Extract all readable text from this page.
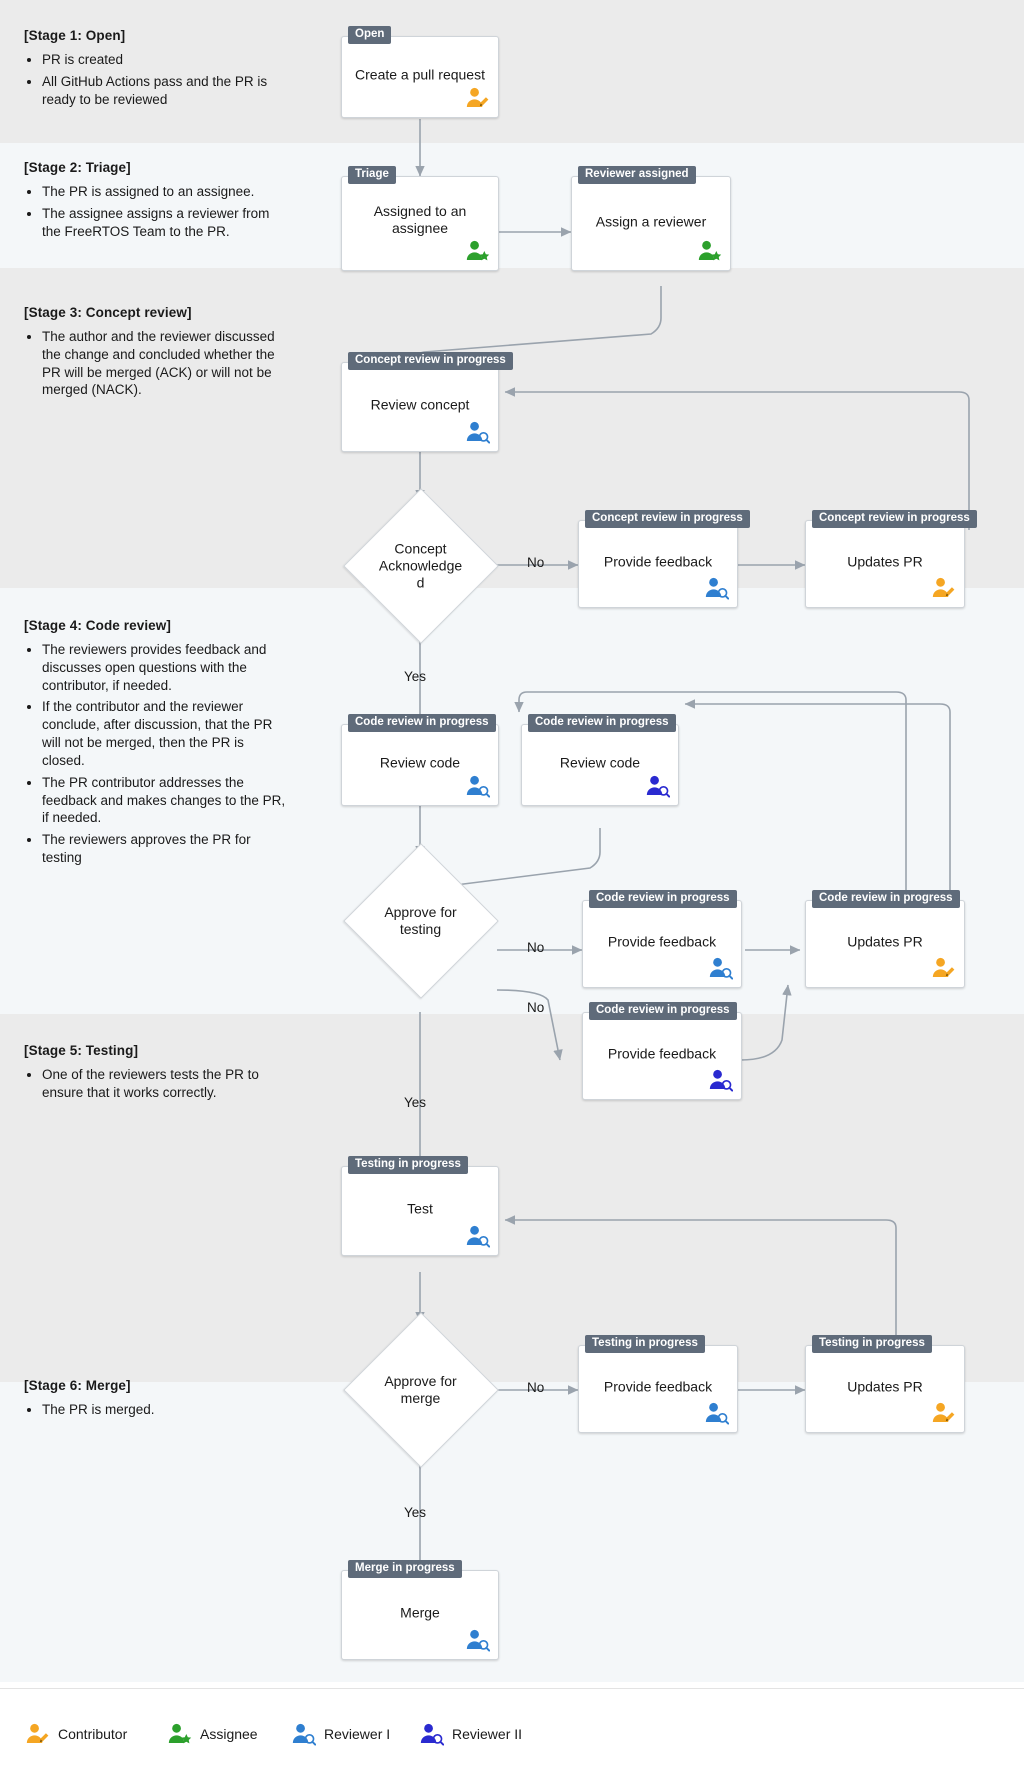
[Stage 1: Open]
• PR is created
• All GitHub Actions pass and the PR is ready to be reviewed
[Stage 2: Triage]
• The PR is assigned to an assignee.
• The assignee assigns a reviewer from the FreeRTOS Team to the PR.
[Stage 3: Concept review]
• The author and the reviewer discussed the change and concluded whether the PR will be merged (ACK) or will not be merged (NACK).
[Stage 4: Code review]
• The reviewers provides feedback and discusses open questions with the contributor, if needed.
• If the contributor and the reviewer conclude, after discussion, that the PR will not be merged, then the PR is closed.
• The PR contributor addresses the feedback and makes changes to the PR, if needed.
• The reviewers approves the PR for testing
[Stage 5: Testing]
• One of the reviewers tests the PR to ensure that it works correctly.
[Stage 6: Merge]
• The PR is merged.
Open
Create a pull request
Triage
Assigned to an assignee
Reviewer assigned
Assign a reviewer
Concept review in progress
Review concept
Concept review in progress
Provide feedback
Concept review in progress
Updates PR
Code review in progress
Review code
Code review in progress
Review code
Code review in progress
Provide feedback
Code review in progress
Provide feedback
Code review in progress
Updates PR
Testing in progress
Test
Testing in progress
Provide feedback
Testing in progress
Updates PR
Merge in progress
Merge
Concept Acknowledged
Approve for testing
Approve for merge
No
Yes
No
No
Yes
No
Yes
Contributor	Assignee	Reviewer I	Reviewer II
